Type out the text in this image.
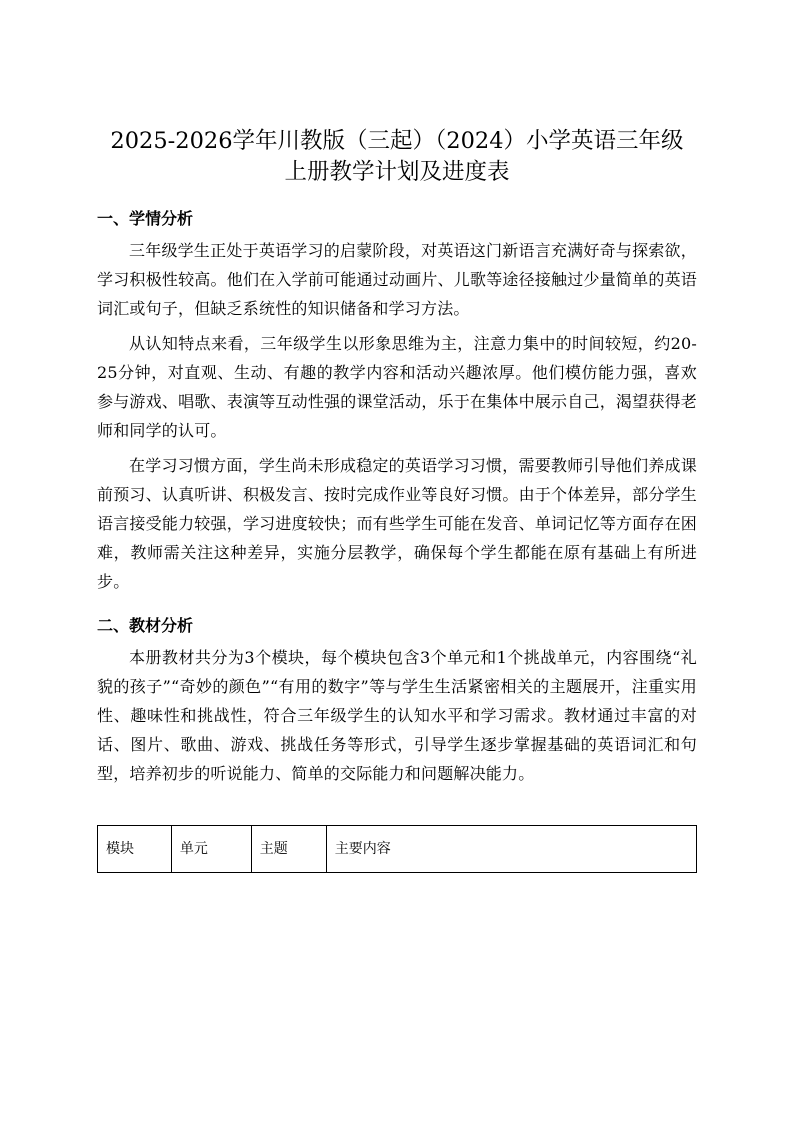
2025-2026学年川教版（三起）（2024）小学英语三年级
上册教学计划及进度表
一、学情分析

三年级学生正处于英语学习的启蒙阶段，对英语这门新语言充满好奇与探索欲，学习积极性较高。他们在入学前可能通过动画片、儿歌等途径接触过少量简单的英语词汇或句子，但缺乏系统性的知识储备和学习方法。

从认知特点来看，三年级学生以形象思维为主，注意力集中的时间较短，约20-25分钟，对直观、生动、有趣的教学内容和活动兴趣浓厚。他们模仿能力强，喜欢参与游戏、唱歌、表演等互动性强的课堂活动，乐于在集体中展示自己，渴望获得老师和同学的认可。

在学习习惯方面，学生尚未形成稳定的英语学习习惯，需要教师引导他们养成课前预习、认真听讲、积极发言、按时完成作业等良好习惯。由于个体差异，部分学生语言接受能力较强，学习进度较快；而有些学生可能在发音、单词记忆等方面存在困难，教师需关注这种差异，实施分层教学，确保每个学生都能在原有基础上有所进步。

二、教材分析

本册教材共分为3个模块，每个模块包含3个单元和1个挑战单元，内容围绕“礼貌的孩子”“奇妙的颜色”“有用的数字”等与学生生活紧密相关的主题展开，注重实用性、趣味性和挑战性，符合三年级学生的认知水平和学习需求。教材通过丰富的对话、图片、歌曲、游戏、挑战任务等形式，引导学生逐步掌握基础的英语词汇和句型，培养初步的听说能力、简单的交际能力和问题解决能力。

模块	单元	主题	主要内容
